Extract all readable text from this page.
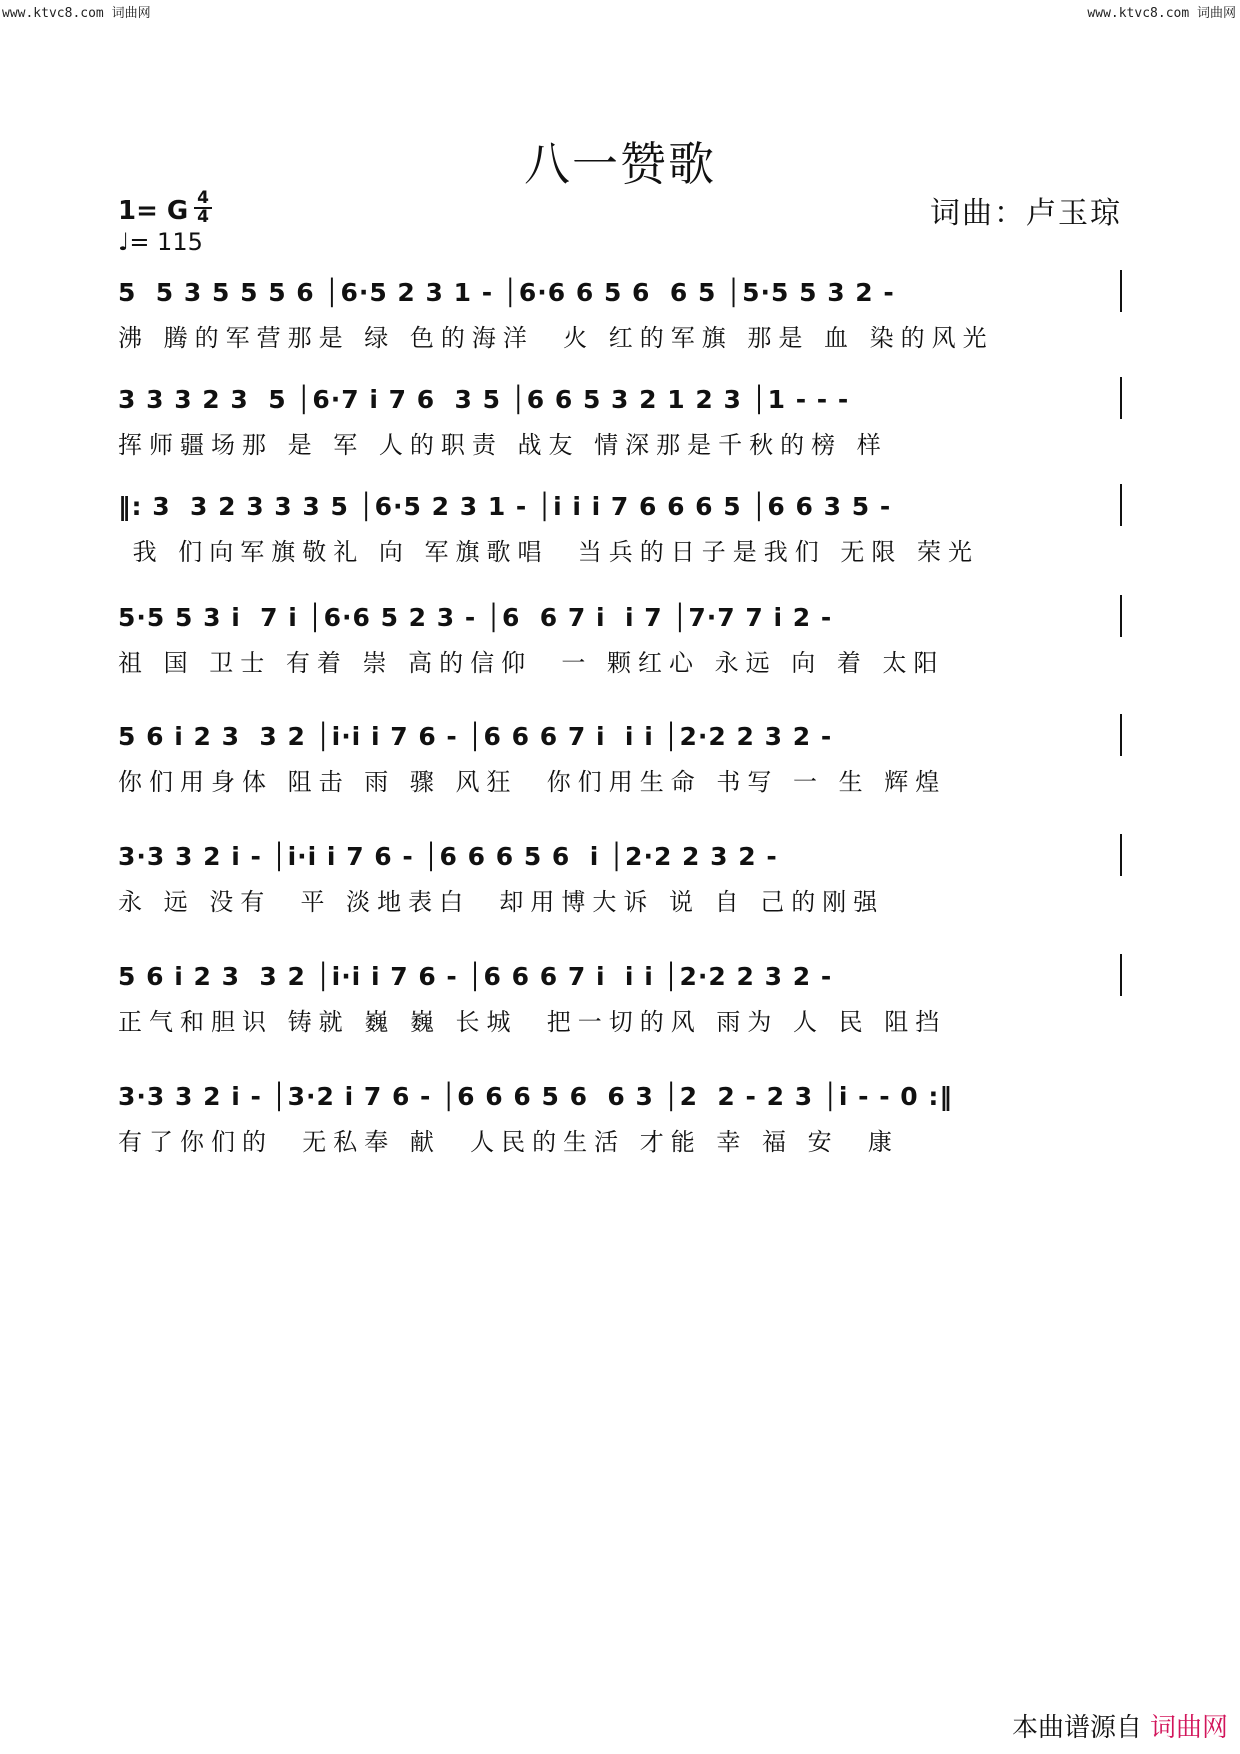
www.ktvc8.com 词曲网	www.ktvc8.com 词曲网
八一赞歌
1= G 4
4
♩= 115
词曲：卢玉琼
5  5 3 5 5 5 6 │6·5 2 3 1 - │6·6 6 5 6  6 5 │5·5 5 3 2 -
沸 腾的军营那是 绿 色的海洋  火 红的军旗 那是 血 染的风光
3 3 3 2 3  5 │6·7 i 7 6  3 5 │6 6 5 3 2 1 2 3 │1 - - -
挥师疆场那 是 军 人的职责 战友 情深那是千秋的榜 样
‖: 3  3 2 3 3 3 5 │6·5 2 3 1 - │i i i 7 6 6 6 5 │6 6 3 5 -
我 们向军旗敬礼 向 军旗歌唱  当兵的日子是我们 无限 荣光
5·5 5 3 i  7 i │6·6 5 2 3 - │6  6 7 i  i 7 │7·7 7 i 2 -
祖 国 卫士 有着 崇 高的信仰  一 颗红心 永远 向 着 太阳
5 6 i 2 3  3 2 │i·i i 7 6 - │6 6 6 7 i  i i │2·2 2 3 2 -
你们用身体 阻击 雨 骤 风狂  你们用生命 书写 一 生 辉煌
3·3 3 2 i - │i·i i 7 6 - │6 6 6 5 6  i │2·2 2 3 2 -
永 远 没有  平 淡地表白  却用博大诉 说 自 己的刚强
5 6 i 2 3  3 2 │i·i i 7 6 - │6 6 6 7 i  i i │2·2 2 3 2 -
正气和胆识 铸就 巍 巍 长城  把一切的风 雨为 人 民 阻挡
3·3 3 2 i - │3·2 i 7 6 - │6 6 6 5 6  6 3 │2  2 - 2 3 │i - - 0 :‖
有了你们的  无私奉 献  人民的生活 才能 幸 福 安  康
本曲谱源自 词曲网
